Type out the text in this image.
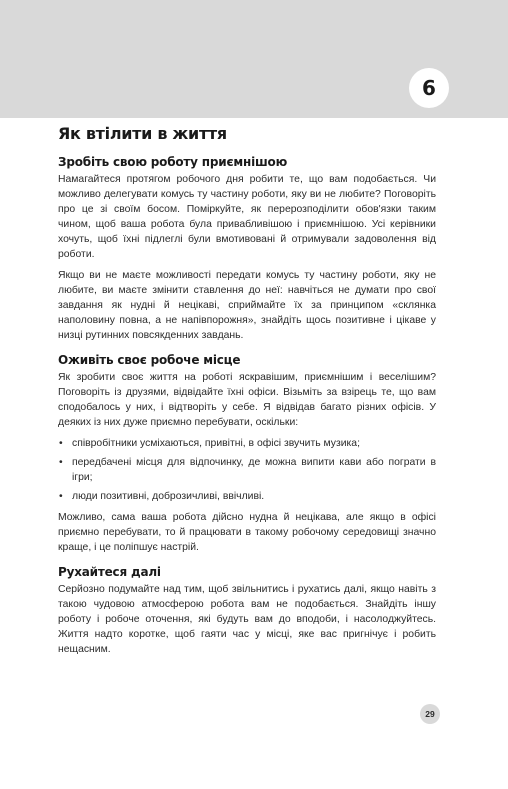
6
Як втілити в життя
Зробіть свою роботу приємнішою

Намагайтеся протягом робочого дня робити те, що вам подобається. Чи можливо делегувати комусь ту частину роботи, яку ви не любите? Поговоріть про це зі своїм босом. Поміркуйте, як перерозподілити обов'язки таким чином, щоб ваша робота була привабливішою і приємнішою. Усі керівники хочуть, щоб їхні підлеглі були вмотивовані й отримували задоволення від роботи.

Якщо ви не маєте можливості передати комусь ту частину роботи, яку не любите, ви маєте змінити ставлення до неї: навчіться не думати про свої завдання як нудні й нецікаві, сприймайте їх за принципом «склянка наполовину повна, а не напівпорожня», знайдіть щось позитивне і цікаве у низці рутинних повсякденних завдань.

Оживіть своє робоче місце

Як зробити своє життя на роботі яскравішим, приємнішим і веселішим? Поговоріть із друзями, відвідайте їхні офіси. Візьміть за взірець те, що вам сподобалось у них, і відтворіть у себе. Я відвідав багато різних офісів. У деяких із них дуже приємно перебувати, оскільки:

• співробітники усміхаються, привітні, в офісі звучить музика;
• передбачені місця для відпочинку, де можна випити кави або пограти в ігри;
• люди позитивні, доброзичливі, ввічливі.

Можливо, сама ваша робота дійсно нудна й нецікава, але якщо в офісі приємно перебувати, то й працювати в такому робочому середовищі значно краще, і це поліпшує настрій.

Рухайтеся далі

Серйозно подумайте над тим, щоб звільнитись і рухатись далі, якщо навіть з такою чудовою атмосферою робота вам не подобається. Знайдіть іншу роботу і робоче оточення, які будуть вам до вподоби, і насолоджуйтесь. Життя надто коротке, щоб гаяти час у місці, яке вас пригнічує і робить нещасним.

29
